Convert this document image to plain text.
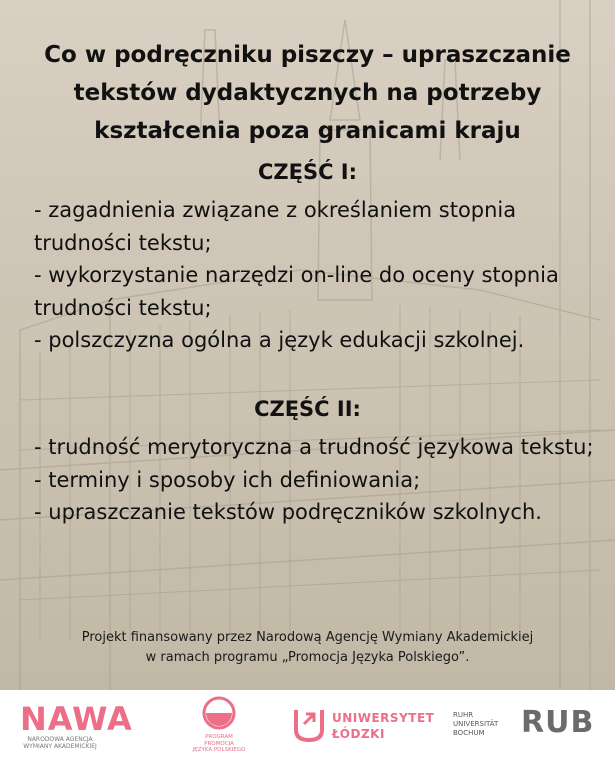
Co w podręczniku piszczy – upraszczanie tekstów dydaktycznych na potrzeby kształcenia poza granicami kraju
CZĘŚĆ I:
- zagadnienia związane z określaniem stopnia trudności tekstu;
- wykorzystanie narzędzi on-line do oceny stopnia trudności tekstu;
- polszczyzna ogólna a język edukacji szkolnej.
CZĘŚĆ II:
- trudność merytoryczna a trudność językowa tekstu;
- terminy i sposoby ich definiowania;
- upraszczanie tekstów podręczników szkolnych.
Projekt finansowany przez Narodową Agencję Wymiany Akademickiej
w ramach programu „Promocja Języka Polskiego”.
NAWA
NARODOWA AGENCJA
WYMIANY AKADEMICKIEJ
PROGRAM
PROMOCJA
JĘZYKA POLSKIEGO
UNIWERSYTET
ŁÓDZKI
RUHR
UNIVERSITÄT
BOCHUM	RUB
